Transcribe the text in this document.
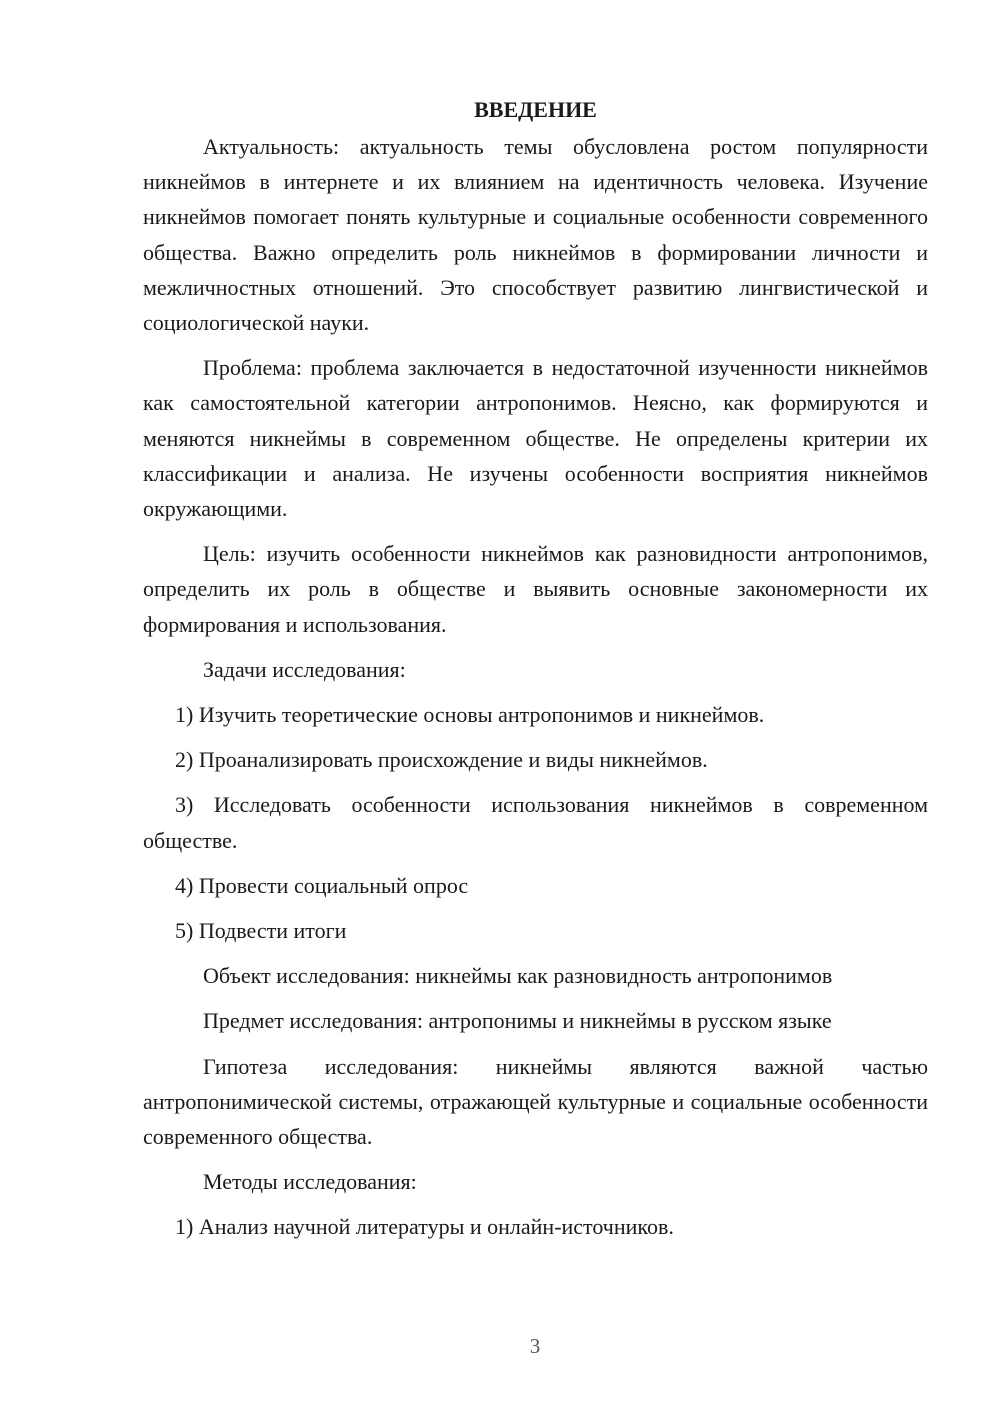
ВВЕДЕНИЕ

Актуальность: актуальность темы обусловлена ростом популярности никнеймов в интернете и их влиянием на идентичность человека. Изучение никнеймов помогает понять культурные и социальные особенности современного общества. Важно определить роль никнеймов в формировании личности и межличностных отношений. Это способствует развитию лингвистической и социологической науки.

Проблема: проблема заключается в недостаточной изученности никнеймов как самостоятельной категории антропонимов. Неясно, как формируются и меняются никнеймы в современном обществе. Не определены критерии их классификации и анализа. Не изучены особенности восприятия никнеймов окружающими.

Цель: изучить особенности никнеймов как разновидности антропонимов, определить их роль в обществе и выявить основные закономерности их формирования и использования.

Задачи исследования:

1) Изучить теоретические основы антропонимов и никнеймов.

2) Проанализировать происхождение и виды никнеймов.

3) Исследовать особенности использования никнеймов в современном обществе.

4) Провести социальный опрос

5) Подвести итоги

Объект исследования: никнеймы как разновидность антропонимов

Предмет исследования: антропонимы и никнеймы в русском языке

Гипотеза исследования: никнеймы являются важной частью антропонимической системы, отражающей культурные и социальные особенности современного общества.

Методы исследования:

1) Анализ научной литературы и онлайн-источников.

3
